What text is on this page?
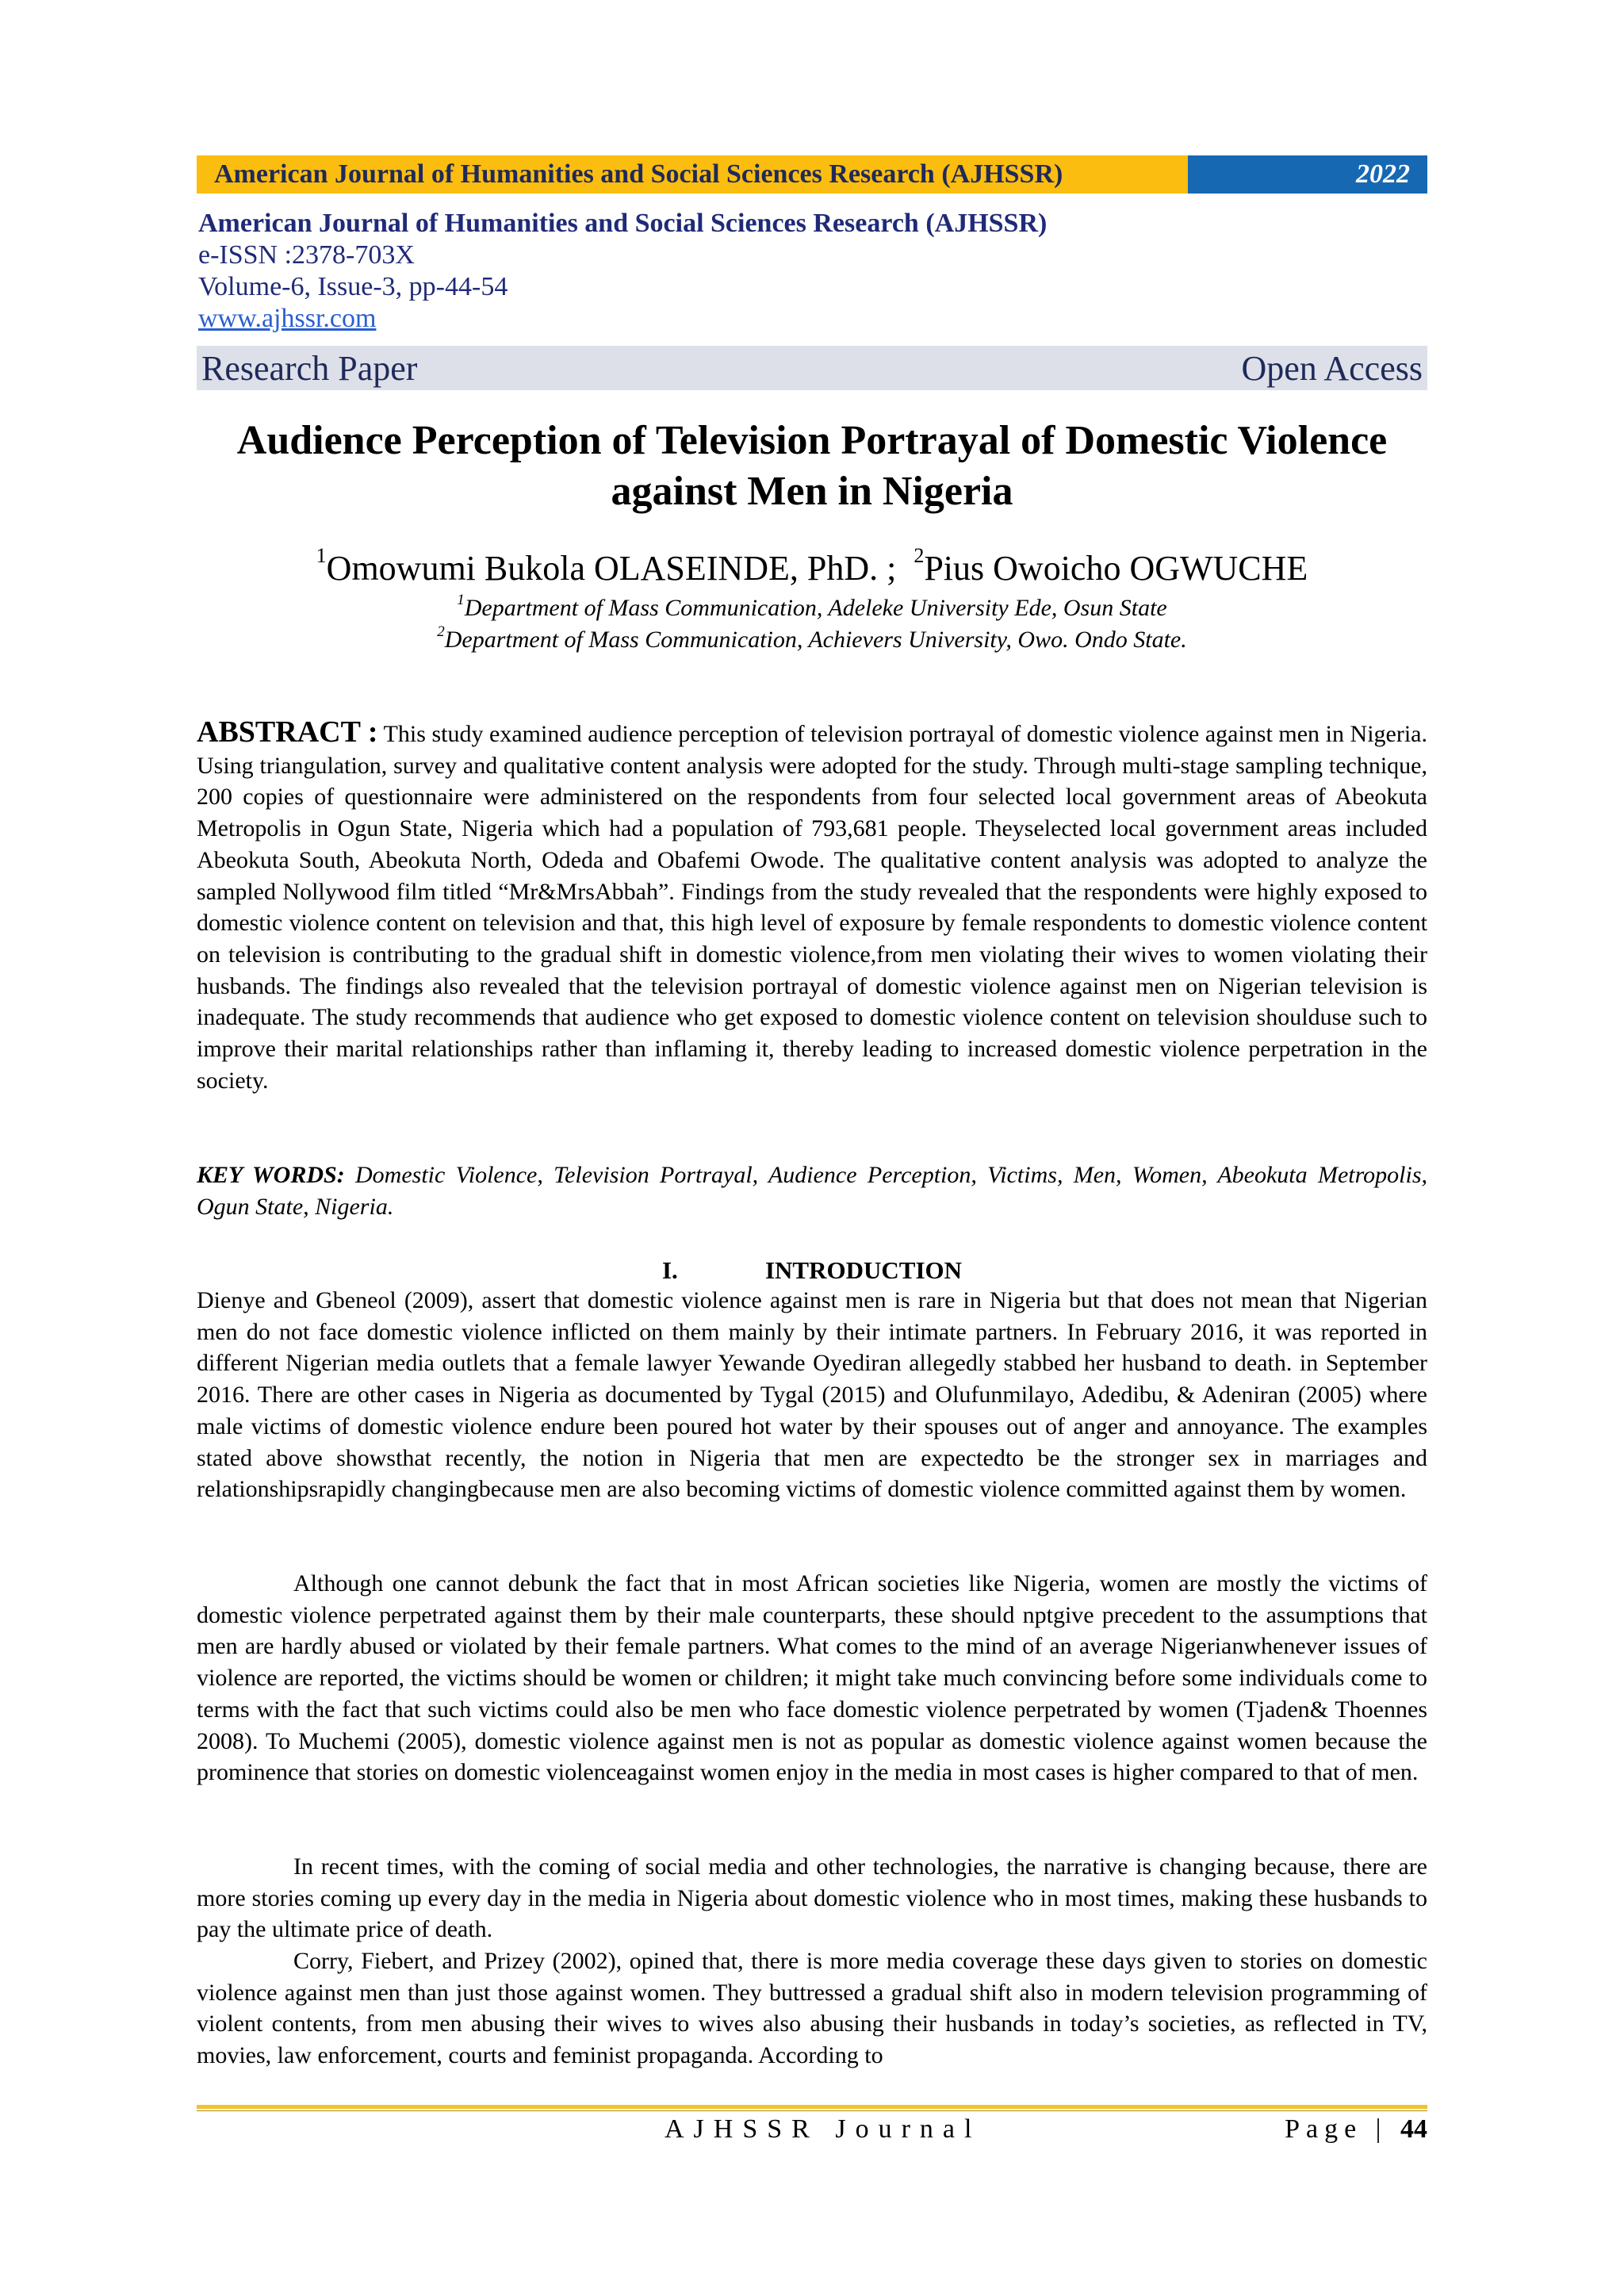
American Journal of Humanities and Social Sciences Research (AJHSSR)	2022
American Journal of Humanities and Social Sciences Research (AJHSSR)
e-ISSN :2378-703X
Volume-6, Issue-3, pp-44-54
www.ajhssr.com
Research Paper	Open Access
Audience Perception of Television Portrayal of Domestic Violence
against Men in Nigeria
$^1$Omowumi Bukola OLASEINDE, PhD. ; $^2$Pius Owoicho OGWUCHE
$^1$Department of Mass Communication, Adeleke University Ede, Osun State
$^2$Department of Mass Communication, Achievers University, Owo. Ondo State.
ABSTRACT : This study examined audience perception of television portrayal of domestic violence against men in Nigeria. Using triangulation, survey and qualitative content analysis were adopted for the study. Through multi-stage sampling technique, 200 copies of questionnaire were administered on the respondents from four selected local government areas of Abeokuta Metropolis in Ogun State, Nigeria which had a population of 793,681 people. Theyselected local government areas included Abeokuta South, Abeokuta North, Odeda and Obafemi Owode. The qualitative content analysis was adopted to analyze the sampled Nollywood film titled “Mr&MrsAbbah”. Findings from the study revealed that the respondents were highly exposed to domestic violence content on television and that, this high level of exposure by female respondents to domestic violence content on television is contributing to the gradual shift in domestic violence,from men violating their wives to women violating their husbands. The findings also revealed that the television portrayal of domestic violence against men on Nigerian television is inadequate. The study recommends that audience who get exposed to domestic violence content on television shoulduse such to improve their marital relationships rather than inflaming it, thereby leading to increased domestic violence perpetration in the society.
KEY WORDS: Domestic Violence, Television Portrayal, Audience Perception, Victims, Men, Women, Abeokuta Metropolis, Ogun State, Nigeria.
I.	INTRODUCTION
Dienye and Gbeneol (2009), assert that domestic violence against men is rare in Nigeria but that does not mean that Nigerian men do not face domestic violence inflicted on them mainly by their intimate partners. In February 2016, it was reported in different Nigerian media outlets that a female lawyer Yewande Oyediran allegedly stabbed her husband to death. in September 2016. There are other cases in Nigeria as documented by Tygal (2015) and Olufunmilayo, Adedibu, & Adeniran (2005) where male victims of domestic violence endure been poured hot water by their spouses out of anger and annoyance. The examples stated above showsthat recently, the notion in Nigeria that men are expectedto be the stronger sex in marriages and relationshipsrapidly changingbecause men are also becoming victims of domestic violence committed against them by women.
Although one cannot debunk the fact that in most African societies like Nigeria, women are mostly the victims of domestic violence perpetrated against them by their male counterparts, these should nptgive precedent to the assumptions that men are hardly abused or violated by their female partners. What comes to the mind of an average Nigerianwhenever issues of violence are reported, the victims should be women or children; it might take much convincing before some individuals come to terms with the fact that such victims could also be men who face domestic violence perpetrated by women (Tjaden& Thoennes 2008). To Muchemi (2005), domestic violence against men is not as popular as domestic violence against women because the prominence that stories on domestic violenceagainst women enjoy in the media in most cases is higher compared to that of men.
In recent times, with the coming of social media and other technologies, the narrative is changing because, there are more stories coming up every day in the media in Nigeria about domestic violence who in most times, making these husbands to pay the ultimate price of death.
Corry, Fiebert, and Prizey (2002), opined that, there is more media coverage these days given to stories on domestic violence against men than just those against women. They buttressed a gradual shift also in modern television programming of violent contents, from men abusing their wives to wives also abusing their husbands in today’s societies, as reflected in TV, movies, law enforcement, courts and feminist propaganda. According to
AJHSSR Journal	Page | 44
